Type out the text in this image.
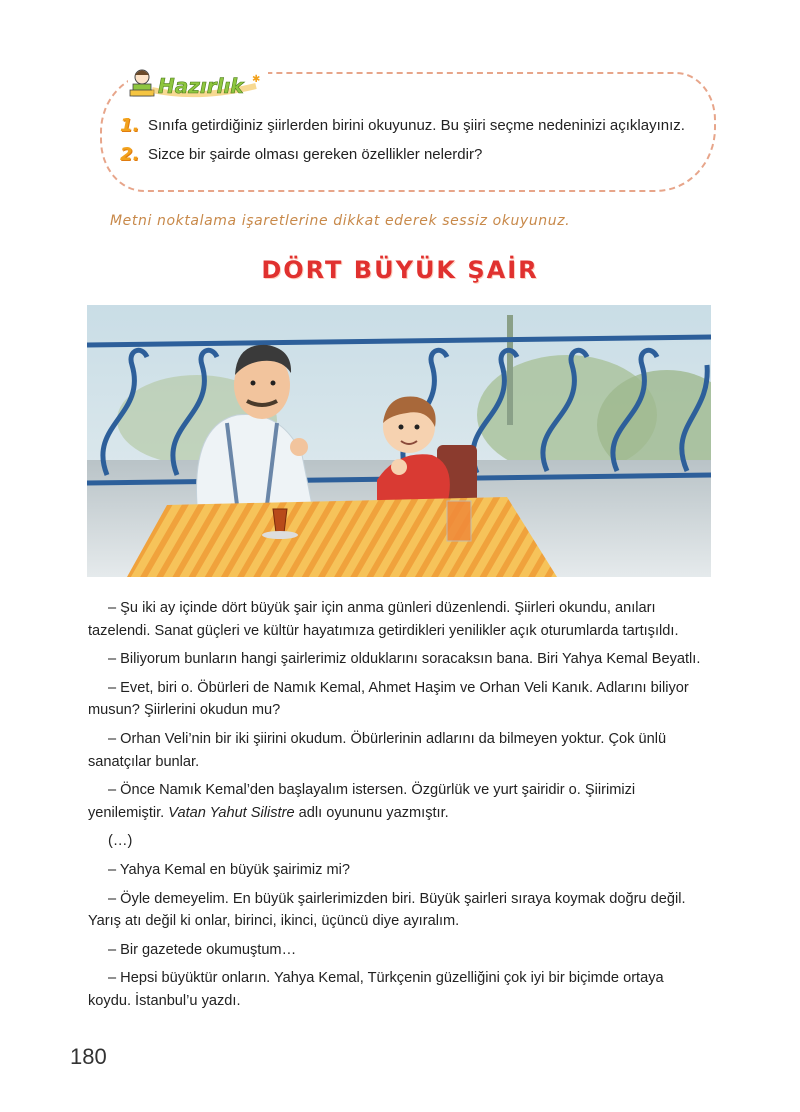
Hazırlık ✱
1. Sınıfa getirdiğiniz şiirlerden birini okuyunuz. Bu şiiri seçme nedeninizi açıklayınız.
2. Sizce bir şairde olması gereken özellikler nelerdir?
Metni noktalama işaretlerine dikkat ederek sessiz okuyunuz.
DÖRT BÜYÜK ŞAİR

– Şu iki ay içinde dört büyük şair için anma günleri düzenlendi. Şiirleri okundu, anıları tazelendi. Sanat güçleri ve kültür hayatımıza getirdikleri yenilikler açık oturumlarda tartışıldı.

– Biliyorum bunların hangi şairlerimiz olduklarını soracaksın bana. Biri Yahya Kemal Beyatlı.

– Evet, biri o. Öbürleri de Namık Kemal, Ahmet Haşim ve Orhan Veli Kanık. Adlarını biliyor musun? Şiirlerini okudun mu?

– Orhan Veli’nin bir iki şiirini okudum. Öbürlerinin adlarını da bilmeyen yoktur. Çok ünlü sanatçılar bunlar.

– Önce Namık Kemal’den başlayalım istersen. Özgürlük ve yurt şairidir o. Şiirimizi yenilemiştir. Vatan Yahut Silistre adlı oyununu yazmıştır.

(…)

– Yahya Kemal en büyük şairimiz mi?

– Öyle demeyelim. En büyük şairlerimizden biri. Büyük şairleri sıraya koymak doğru değil. Yarış atı değil ki onlar, birinci, ikinci, üçüncü diye ayıralım.

– Bir gazetede okumuştum…

– Hepsi büyüktür onların. Yahya Kemal, Türkçenin güzelliğini çok iyi bir biçimde ortaya koydu. İstanbul’u yazdı.

180
